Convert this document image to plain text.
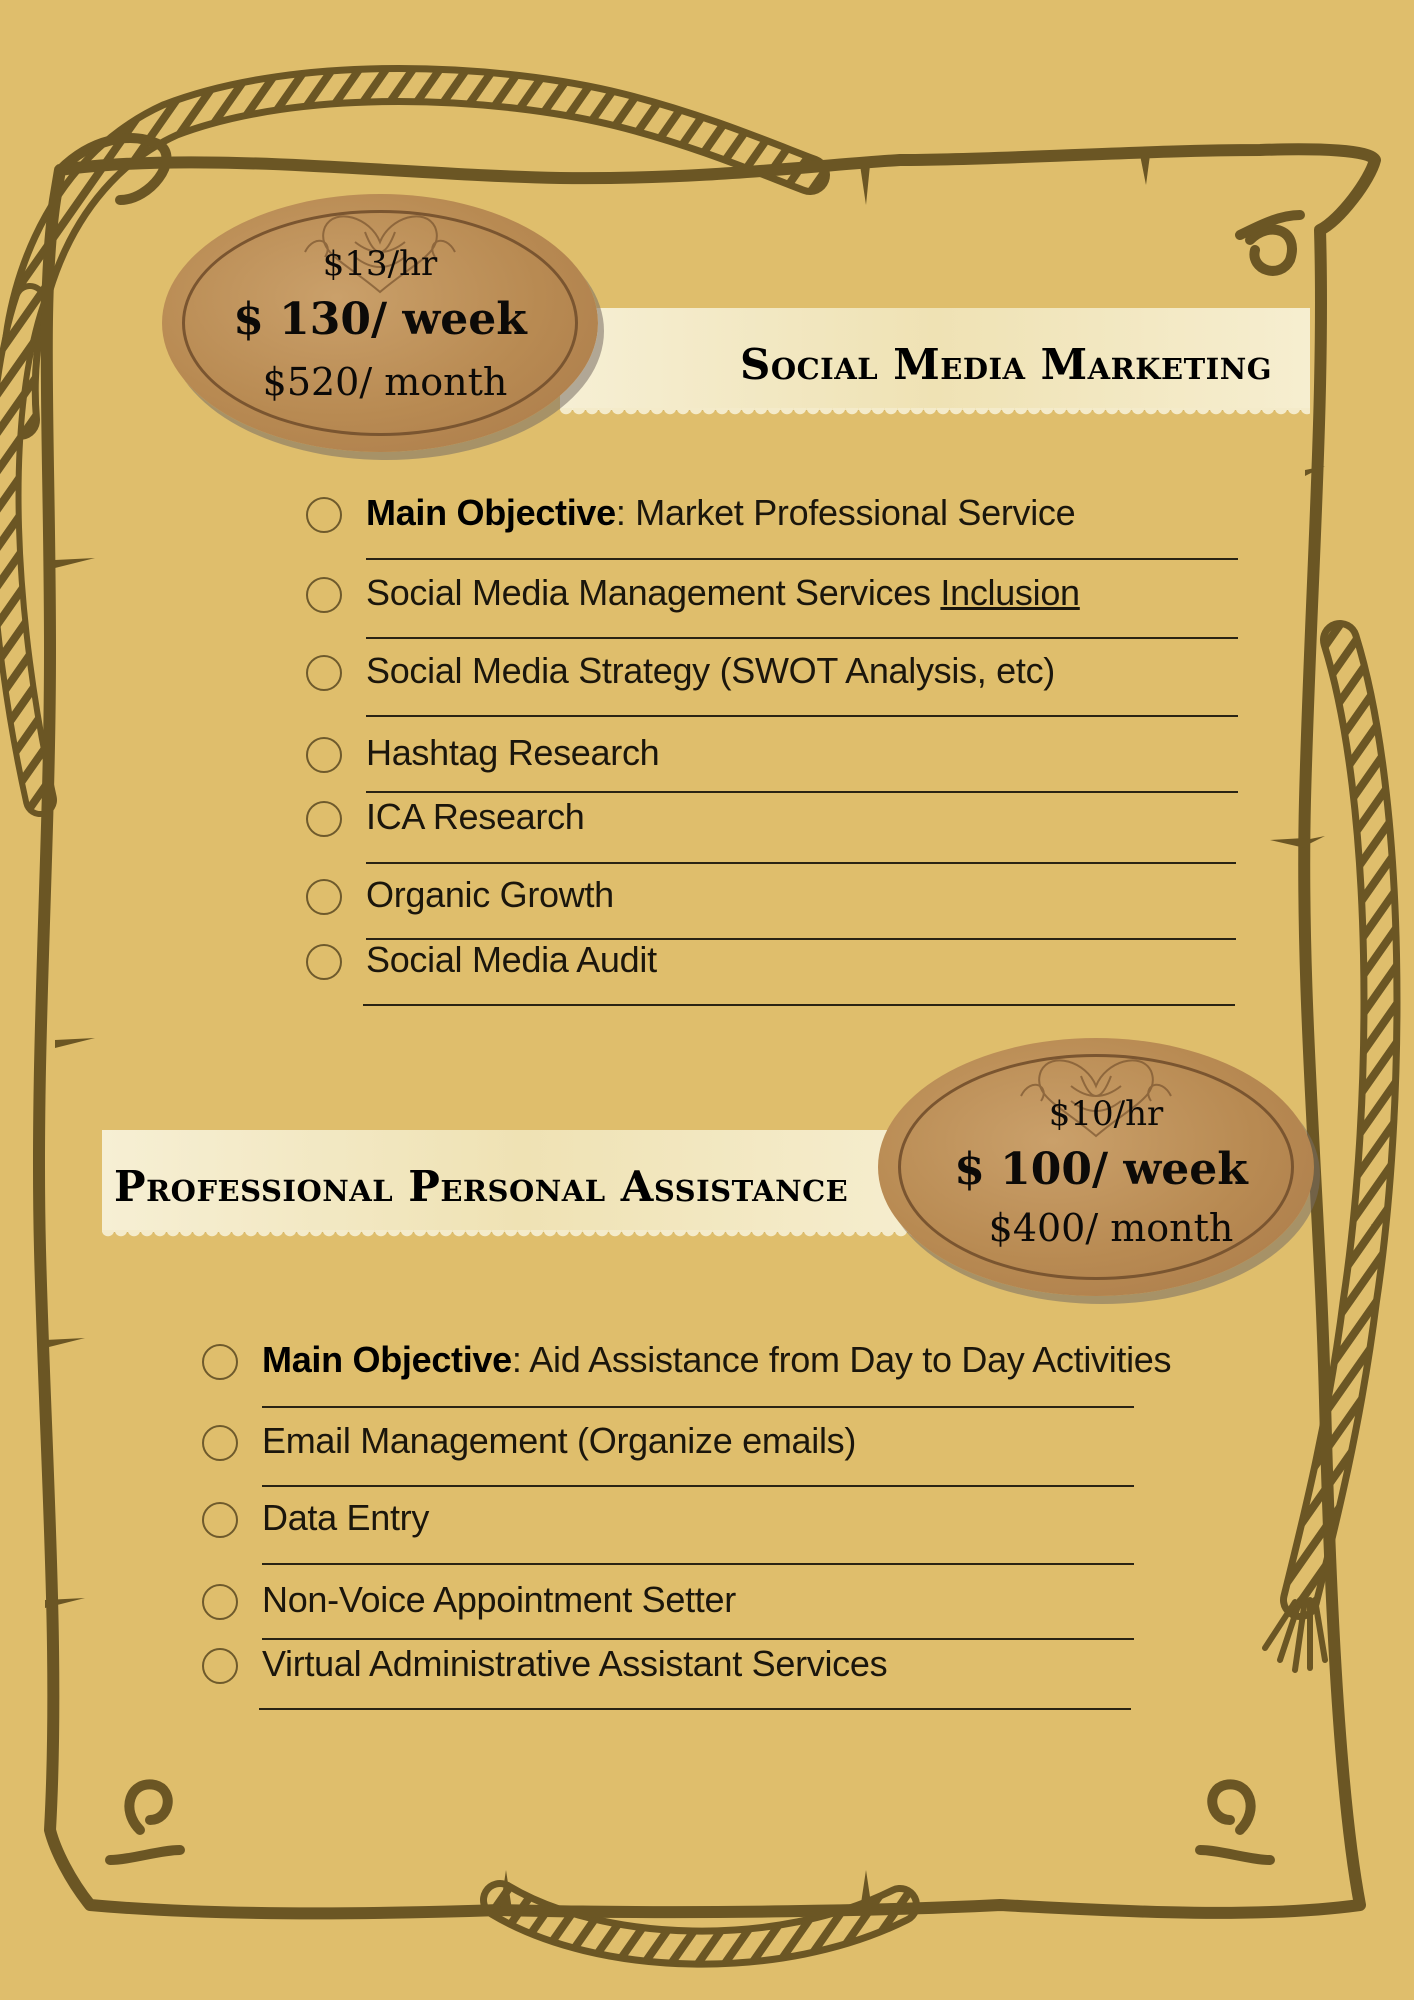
Social Media Marketing

$13/hr

$ 130/ week

$520/ month

Main Objective: Market Professional Service
Social Media Management Services Inclusion
Social Media Strategy (SWOT Analysis, etc)
Hashtag Research
ICA Research
Organic Growth
Social Media Audit
Professional Personal Assistance

$10/hr

$ 100/ week

$400/ month

Main Objective: Aid Assistance from Day to Day Activities
Email Management (Organize emails)
Data Entry
Non-Voice Appointment Setter
Virtual Administrative Assistant Services
